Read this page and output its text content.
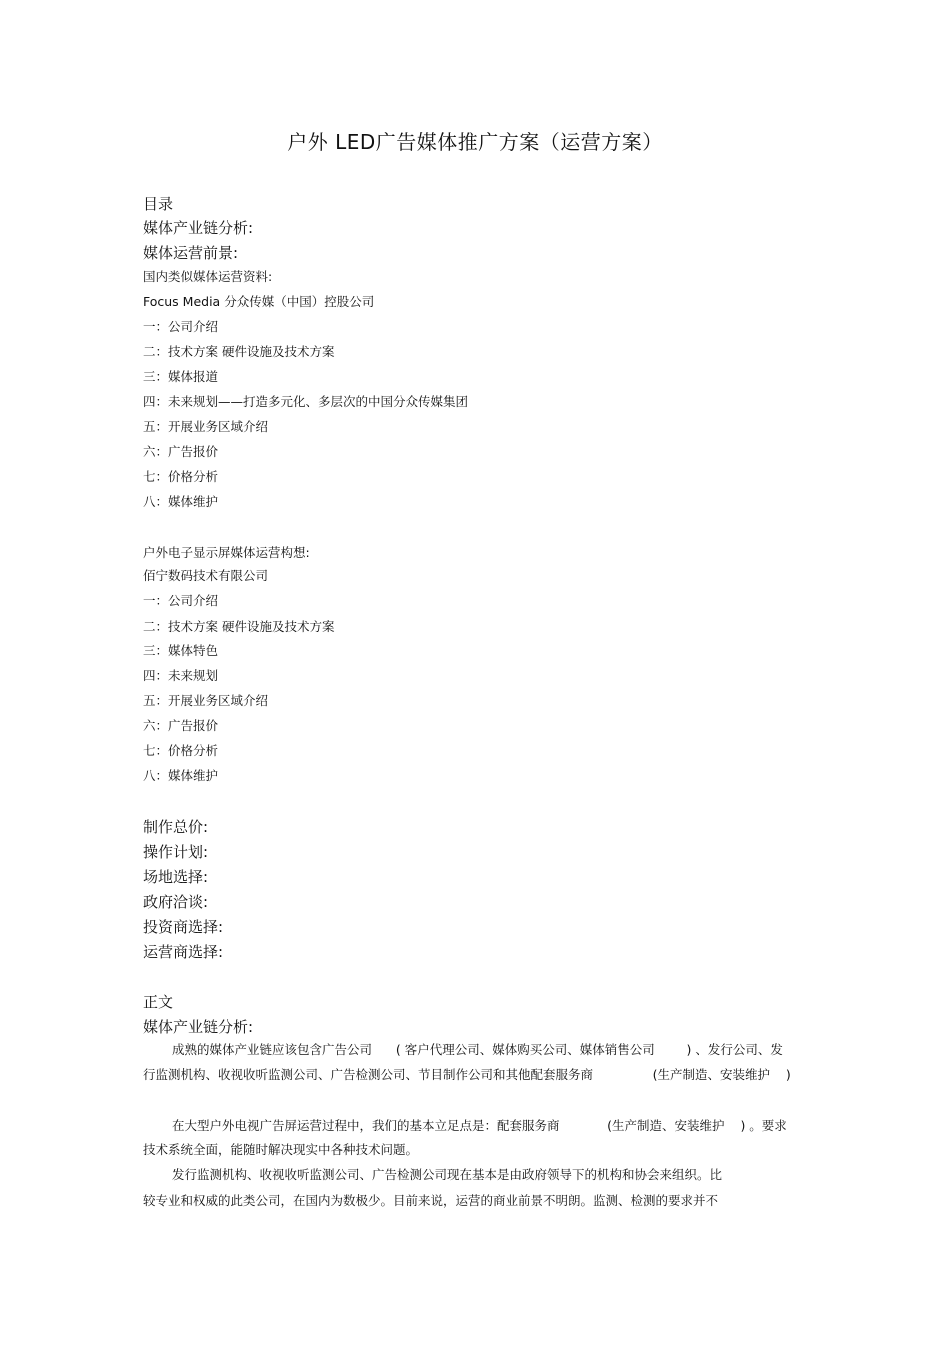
户外 LED广告媒体推广方案（运营方案）
目录
媒体产业链分析:
媒体运营前景:
国内类似媒体运营资料:
Focus Media 分众传媒（中国）控股公司
一：公司介绍
二：技术方案 硬件设施及技术方案
三：媒体报道
四：未来规划——打造多元化、多层次的中国分众传媒集团
五：开展业务区域介绍
六：广告报价
七：价格分析
八：媒体维护
户外电子显示屏媒体运营构想:
佰宁数码技术有限公司
一：公司介绍
二：技术方案 硬件设施及技术方案
三：媒体特色
四：未来规划
五：开展业务区域介绍
六：广告报价
七：价格分析
八：媒体维护
制作总价:
操作计划:
场地选择:
政府洽谈:
投资商选择:
运营商选择:
正文
媒体产业链分析:
成熟的媒体产业链应该包含广告公司      ( 客户代理公司、媒体购买公司、媒体销售公司        ) 、发行公司、发
行监测机构、收视收听监测公司、广告检测公司、节目制作公司和其他配套服务商               (生产制造、安装维护    )
在大型户外电视广告屏运营过程中，我们的基本立足点是：配套服务商            (生产制造、安装维护    ) 。要求
技术系统全面，能随时解决现实中各种技术问题。
发行监测机构、收视收听监测公司、广告检测公司现在基本是由政府领导下的机构和协会来组织。比
较专业和权威的此类公司，在国内为数极少。目前来说，运营的商业前景不明朗。监测、检测的要求并不
